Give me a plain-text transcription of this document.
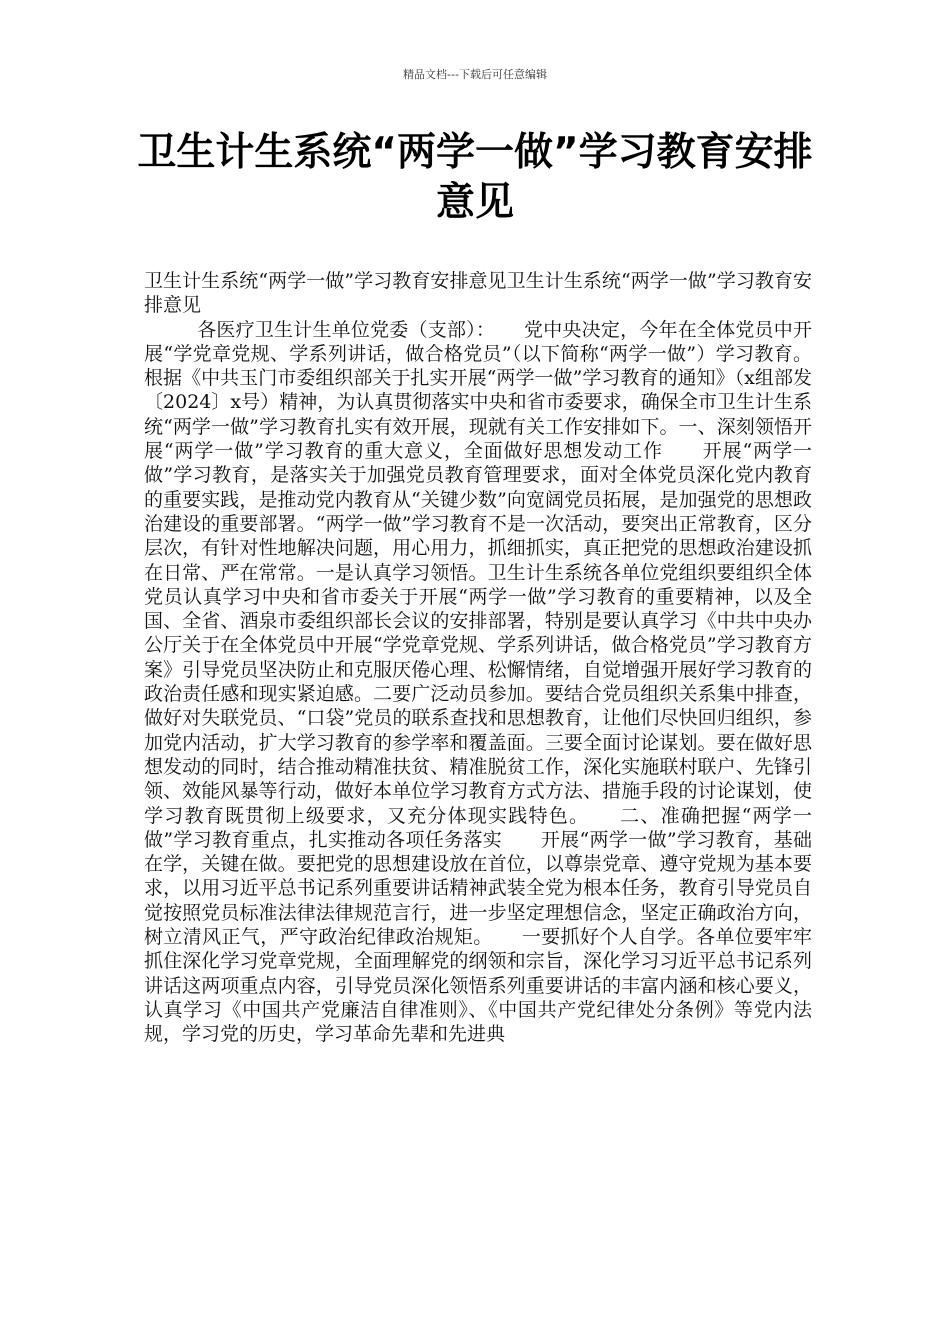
精品文档---下载后可任意编辑
卫生计生系统“两学一做”学习教育安排意见

卫生计生系统“两学一做”学习教育安排意见卫生计生系统“两学一做”学习教育安排意见

各医疗卫生计生单位党委（支部）：　　党中央决定，今年在全体党员中开展“学党章党规、学系列讲话，做合格党员”（以下简称“两学一做”）学习教育。根据《中共玉门市委组织部关于扎实开展“两学一做”学习教育的通知》（x组部发〔2024〕x号）精神，为认真贯彻落实中央和省市委要求，确保全市卫生计生系统“两学一做”学习教育扎实有效开展，现就有关工作安排如下。一、深刻领悟开展“两学一做”学习教育的重大意义，全面做好思想发动工作　　开展“两学一做”学习教育，是落实关于加强党员教育管理要求，面对全体党员深化党内教育的重要实践，是推动党内教育从“关键少数”向宽阔党员拓展，是加强党的思想政治建设的重要部署。“两学一做”学习教育不是一次活动，要突出正常教育，区分层次，有针对性地解决问题，用心用力，抓细抓实，真正把党的思想政治建设抓在日常、严在常常。一是认真学习领悟。卫生计生系统各单位党组织要组织全体党员认真学习中央和省市委关于开展“两学一做”学习教育的重要精神，以及全国、全省、酒泉市委组织部长会议的安排部署，特别是要认真学习《中共中央办公厅关于在全体党员中开展“学党章党规、学系列讲话，做合格党员”学习教育方案》引导党员坚决防止和克服厌倦心理、松懈情绪，自觉增强开展好学习教育的政治责任感和现实紧迫感。二要广泛动员参加。要结合党员组织关系集中排查，做好对失联党员、“口袋”党员的联系查找和思想教育，让他们尽快回归组织，参加党内活动，扩大学习教育的参学率和覆盖面。三要全面讨论谋划。要在做好思想发动的同时，结合推动精准扶贫、精准脱贫工作，深化实施联村联户、先锋引领、效能风暴等行动，做好本单位学习教育方式方法、措施手段的讨论谋划，使学习教育既贯彻上级要求，又充分体现实践特色。　　二、准确把握“两学一做”学习教育重点，扎实推动各项任务落实　　开展“两学一做”学习教育，基础在学，关键在做。要把党的思想建设放在首位，以尊崇党章、遵守党规为基本要求，以用习近平总书记系列重要讲话精神武装全党为根本任务，教育引导党员自觉按照党员标准法律法律规范言行，进一步坚定理想信念，坚定正确政治方向，树立清风正气，严守政治纪律政治规矩。　　一要抓好个人自学。各单位要牢牢抓住深化学习党章党规，全面理解党的纲领和宗旨，深化学习习近平总书记系列讲话这两项重点内容，引导党员深化领悟系列重要讲话的丰富内涵和核心要义，认真学习《中国共产党廉洁自律准则》、《中国共产党纪律处分条例》等党内法规，学习党的历史，学习革命先辈和先进典
